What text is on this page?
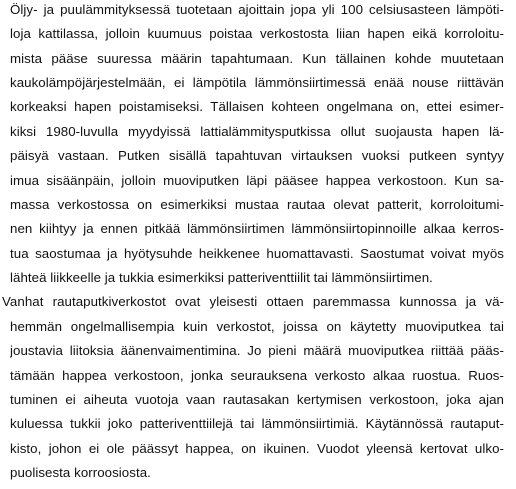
Öljy- ja puulämmityksessä tuotetaan ajoittain jopa yli 100 celsiusasteen lämpöti-
loja kattilassa, jolloin kuumuus poistaa verkostosta liian hapen eikä korroloitu-
mista pääse suuressa määrin tapahtumaan. Kun tällainen kohde muutetaan
kaukolämpöjärjestelmään, ei lämpötila lämmönsiirtimessä enää nouse riittävän
korkeaksi hapen poistamiseksi. Tällaisen kohteen ongelmana on, ettei esimer-
kiksi 1980-luvulla myydyissä lattialämmitysputkissa ollut suojausta hapen lä-
päisyä vastaan. Putken sisällä tapahtuvan virtauksen vuoksi putkeen syntyy
imua sisäänpäin, jolloin muoviputken läpi pääsee happea verkostoon. Kun sa-
massa verkostossa on esimerkiksi mustaa rautaa olevat patterit, korroloitumi-
nen kiihtyy ja ennen pitkää lämmönsiirtimen lämmönsiirtopinnoille alkaa kerros-
tua saostumaa ja hyötysuhde heikkenee huomattavasti. Saostumat voivat myös
lähteä liikkeelle ja tukkia esimerkiksi patteriventtiilit tai lämmönsiirtimen.
Vanhat rautaputkiverkostot ovat yleisesti ottaen paremmassa kunnossa ja vä-
hemmän ongelmallisempia kuin verkostot, joissa on käytetty muoviputkea tai
joustavia liitoksia äänenvaimentimina. Jo pieni määrä muoviputkea riittää pääs-
tämään happea verkostoon, jonka seurauksena verkosto alkaa ruostua. Ruos-
tuminen ei aiheuta vuotoja vaan rautasakan kertymisen verkostoon, joka ajan
kuluessa tukkii joko patteriventtiilejä tai lämmönsiirtimiä. Käytännössä rautaput-
kisto, johon ei ole päässyt happea, on ikuinen. Vuodot yleensä kertovat ulko-
puolisesta korroosiosta.
